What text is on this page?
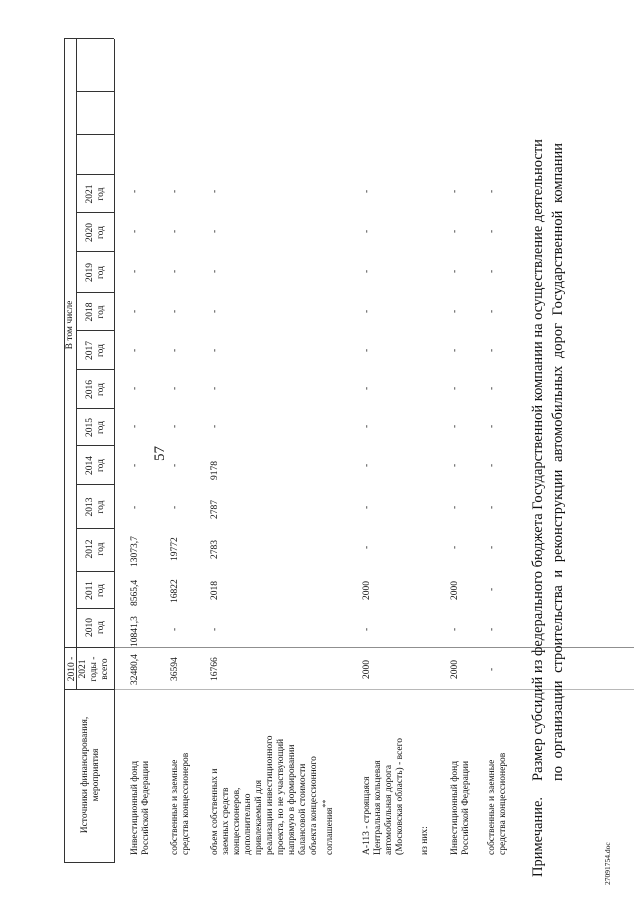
57
Источники финансирования, мероприятия
2010 - 2021 годы - всего
В том числе
2010 год
2011 год
2012 год
2013 год
2014 год
2015 год
2016 год
2017 год
2018 год
2019 год
2020 год
2021 год
Инвестиционный фонд Российской Федерации
32480,4
10841,3
8565,4
13073,7
-
-
-
-
-
-
-
-
-
собственные и заемные средства концессионеров
36594
-
16822
19772
-
-
-
-
-
-
-
-
-
объем собственных и заемных средств концессионеров, дополнительно привлекаемый для реализации инвестиционного проекта, но не участвующий напрямую в формировании балансовой стоимости объекта концессионного соглашения**
16766
-
2018
2783
2787
9178
-
-
-
-
-
-
-
А-113 - строящаяся Центральная кольцевая автомобильная дорога (Московская область) - всего
2000
-
2000
-
-
-
-
-
-
-
-
-
-
из них: Инвестиционный фонд Российской Федерации
2000
-
2000
-
-
-
-
-
-
-
-
-
-
собственные и заемные средства концессионеров
-
-
-
-
-
-
-
-
-
-
-
-
-
Примечание.Размер субсидий из федерального бюджета Государственной компании на осуществление деятельности по организации строительства и реконструкции автомобильных дорог Государственной компании
27091754.doc
